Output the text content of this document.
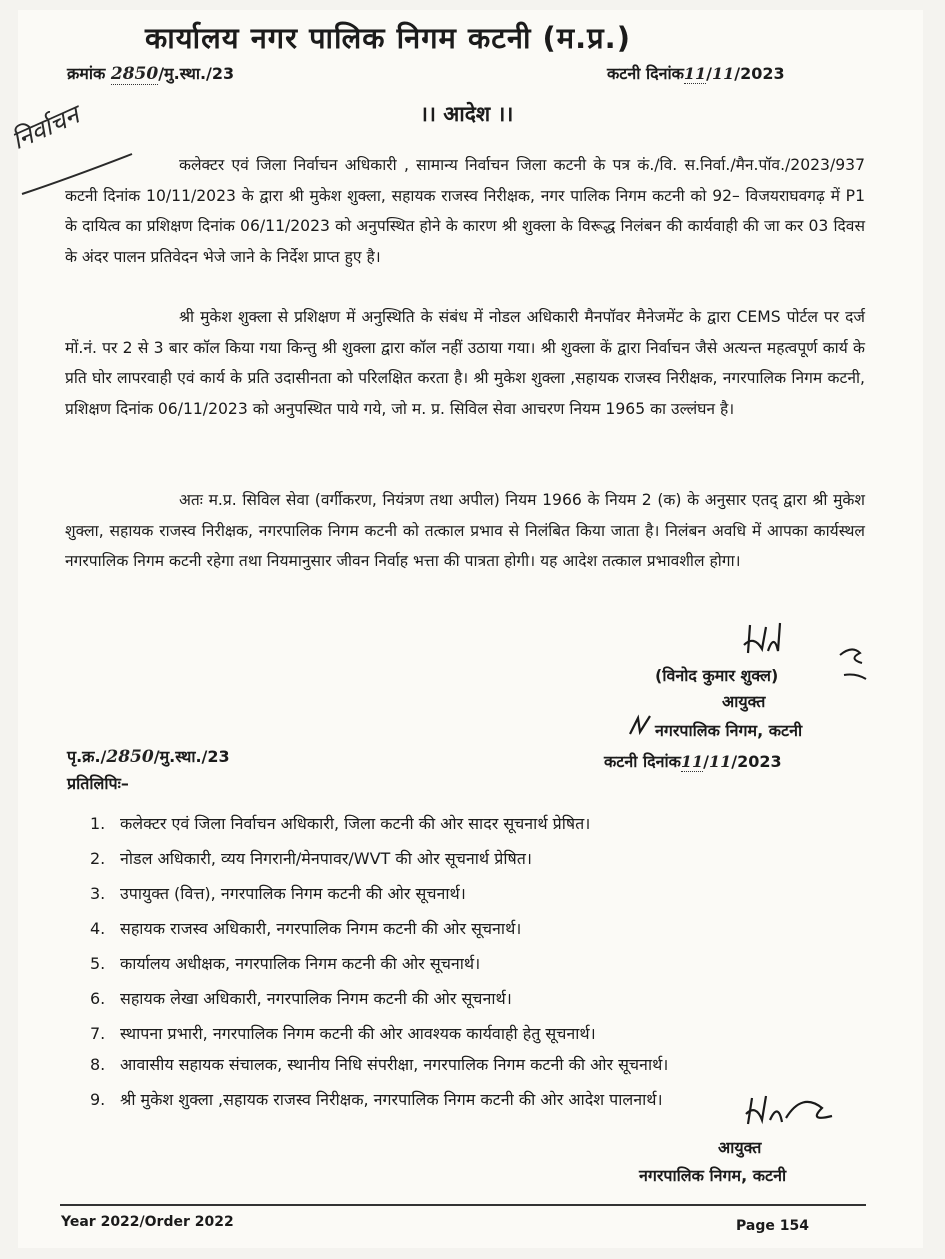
कार्यालय नगर पालिक निगम कटनी (म.प्र.)
क्रमांक 2850/मु.स्था./23	कटनी दिनांक11/11/2023
निर्वाचन	।। आदेश ।।

कलेक्टर एवं जिला निर्वाचन अधिकारी , सामान्य निर्वाचन जिला कटनी के पत्र कं./वि. स.निर्वा./मैन.पॉव./2023/937 कटनी दिनांक 10/11/2023 के द्वारा श्री मुकेश शुक्ला, सहायक राजस्व निरीक्षक, नगर पालिक निगम कटनी को 92– विजयराघवगढ़ में P1 के दायित्व का प्रशिक्षण दिनांक 06/11/2023 को अनुपस्थित होने के कारण श्री शुक्ला के विरूद्ध निलंबन की कार्यवाही की जा कर 03 दिवस के अंदर पालन प्रतिवेदन भेजे जाने के निर्देश प्राप्त हुए है।

श्री मुकेश शुक्ला से प्रशिक्षण में अनुस्थिति के संबंध में नोडल अधिकारी मैनपॉवर मैनेजमेंट के द्वारा CEMS पोर्टल पर दर्ज मों.नं. पर 2 से 3 बार कॉल किया गया किन्तु श्री शुक्ला द्वारा कॉल नहीं उठाया गया। श्री शुक्ला कें द्वारा निर्वाचन जैसे अत्यन्त महत्वपूर्ण कार्य के प्रति घोर लापरवाही एवं कार्य के प्रति उदासीनता को परिलक्षित करता है। श्री मुकेश शुक्ला ,सहायक राजस्व निरीक्षक, नगरपालिक निगम कटनी, प्रशिक्षण दिनांक 06/11/2023 को अनुपस्थित पाये गये, जो म. प्र. सिविल सेवा आचरण नियम 1965 का उल्लंघन है।

अतः म.प्र. सिविल सेवा (वर्गीकरण, नियंत्रण तथा अपील) नियम 1966 के नियम 2 (क) के अनुसार एतद् द्वारा श्री मुकेश शुक्ला, सहायक राजस्व निरीक्षक, नगरपालिक निगम कटनी को तत्काल प्रभाव से निलंबित किया जाता है। निलंबन अवधि में आपका कार्यस्थल नगरपालिक निगम कटनी रहेगा तथा नियमानुसार जीवन निर्वाह भत्ता की पात्रता होगी। यह आदेश तत्काल प्रभावशील होगा।

(विनोद कुमार शुक्ल)
आयुक्त
नगरपालिक निगम, कटनी
पृ.क्र./2850/मु.स्था./23	कटनी दिनांक11/11/2023
प्रतिलिपिः–
1. कलेक्टर एवं जिला निर्वाचन अधिकारी, जिला कटनी की ओर सादर सूचनार्थ प्रेषित।
2. नोडल अधिकारी, व्यय निगरानी/मेनपावर/WVT की ओर सूचनार्थ प्रेषित।
3. उपायुक्त (वित्त), नगरपालिक निगम कटनी की ओर सूचनार्थ।
4. सहायक राजस्व अधिकारी, नगरपालिक निगम कटनी की ओर सूचनार्थ।
5. कार्यालय अधीक्षक, नगरपालिक निगम कटनी की ओर सूचनार्थ।
6. सहायक लेखा अधिकारी, नगरपालिक निगम कटनी की ओर सूचनार्थ।
7. स्थापना प्रभारी, नगरपालिक निगम कटनी की ओर आवश्यक कार्यवाही हेतु सूचनार्थ।
8. आवासीय सहायक संचालक, स्थानीय निधि संपरीक्षा, नगरपालिक निगम कटनी की ओर सूचनार्थ।
9. श्री मुकेश शुक्ला ,सहायक राजस्व निरीक्षक, नगरपालिक निगम कटनी की ओर आदेश पालनार्थ।
आयुक्त
नगरपालिक निगम, कटनी
Year 2022/Order 2022	Page 154
